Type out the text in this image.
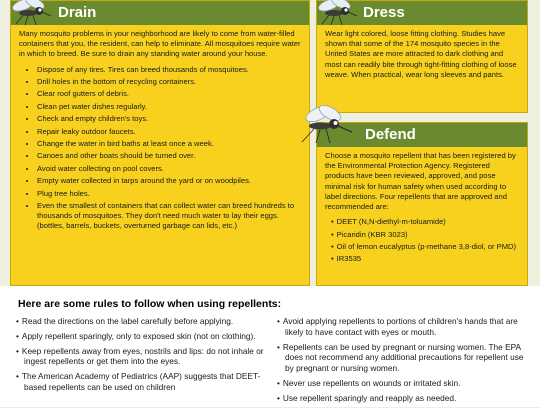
Drain

Many mosquito problems in your neighborhood are likely to come from water-filled containers that you, the resident, can help to eliminate. All mosquitoes require water in which to breed. Be sure to drain any standing water around your house.

• Dispose of any tires. Tires can breed thousands of mosquitoes.
• Drill holes in the bottom of recycling containers.
• Clear roof gutters of debris.
• Clean pet water dishes regularly.
• Check and empty children's toys.
• Repair leaky outdoor faucets.
• Change the water in bird baths at least once a week.
• Canoes and other boats should be turned over.
• Avoid water collecting on pool covers.
• Empty water collected in tarps around the yard or on woodpiles.
• Plug tree holes.
• Even the smallest of containers that can collect water can breed hundreds to thousands of mosquitoes. They don't need much water to lay their eggs. (bottles, barrels, buckets, overturned garbage can lids, etc.)
Dress

Wear light colored, loose fitting clothing. Studies have shown that some of the 174 mosquito species in the United States are more attracted to dark clothing and most can readily bite through tight-fitting clothing of loose weave. When practical, wear long sleeves and pants.

Defend

Choose a mosquito repellent that has been registered by the Environmental Protection Agency. Registered products have been reviewed, approved, and pose minimal risk for human safety when used according to label directions. Four repellents that are approved and recommended are:

• DEET (N,N-diethyl-m-toluamide)
• Picaridin (KBR 3023)
• Oil of lemon eucalyptus (p-methane 3,8-diol, or PMD)
• IR3535
Here are some rules to follow when using repellents:
• Read the directions on the label carefully before applying.
• Apply repellent sparingly, only to exposed skin (not on clothing).
• Keep repellents away from eyes, nostrils and lips: do not inhale or ingest repellents or get them into the eyes.
• The American Academy of Pediatrics (AAP) suggests that DEET-based repellents can be used on children
• Avoid applying repellents to portions of children's hands that are likely to have contact with eyes or mouth.
• Repellents can be used by pregnant or nursing women. The EPA does not recommend any additional precautions for repellent use by pregnant or nursing women.
• Never use repellents on wounds or irritated skin.
• Use repellent sparingly and reapply as needed.
